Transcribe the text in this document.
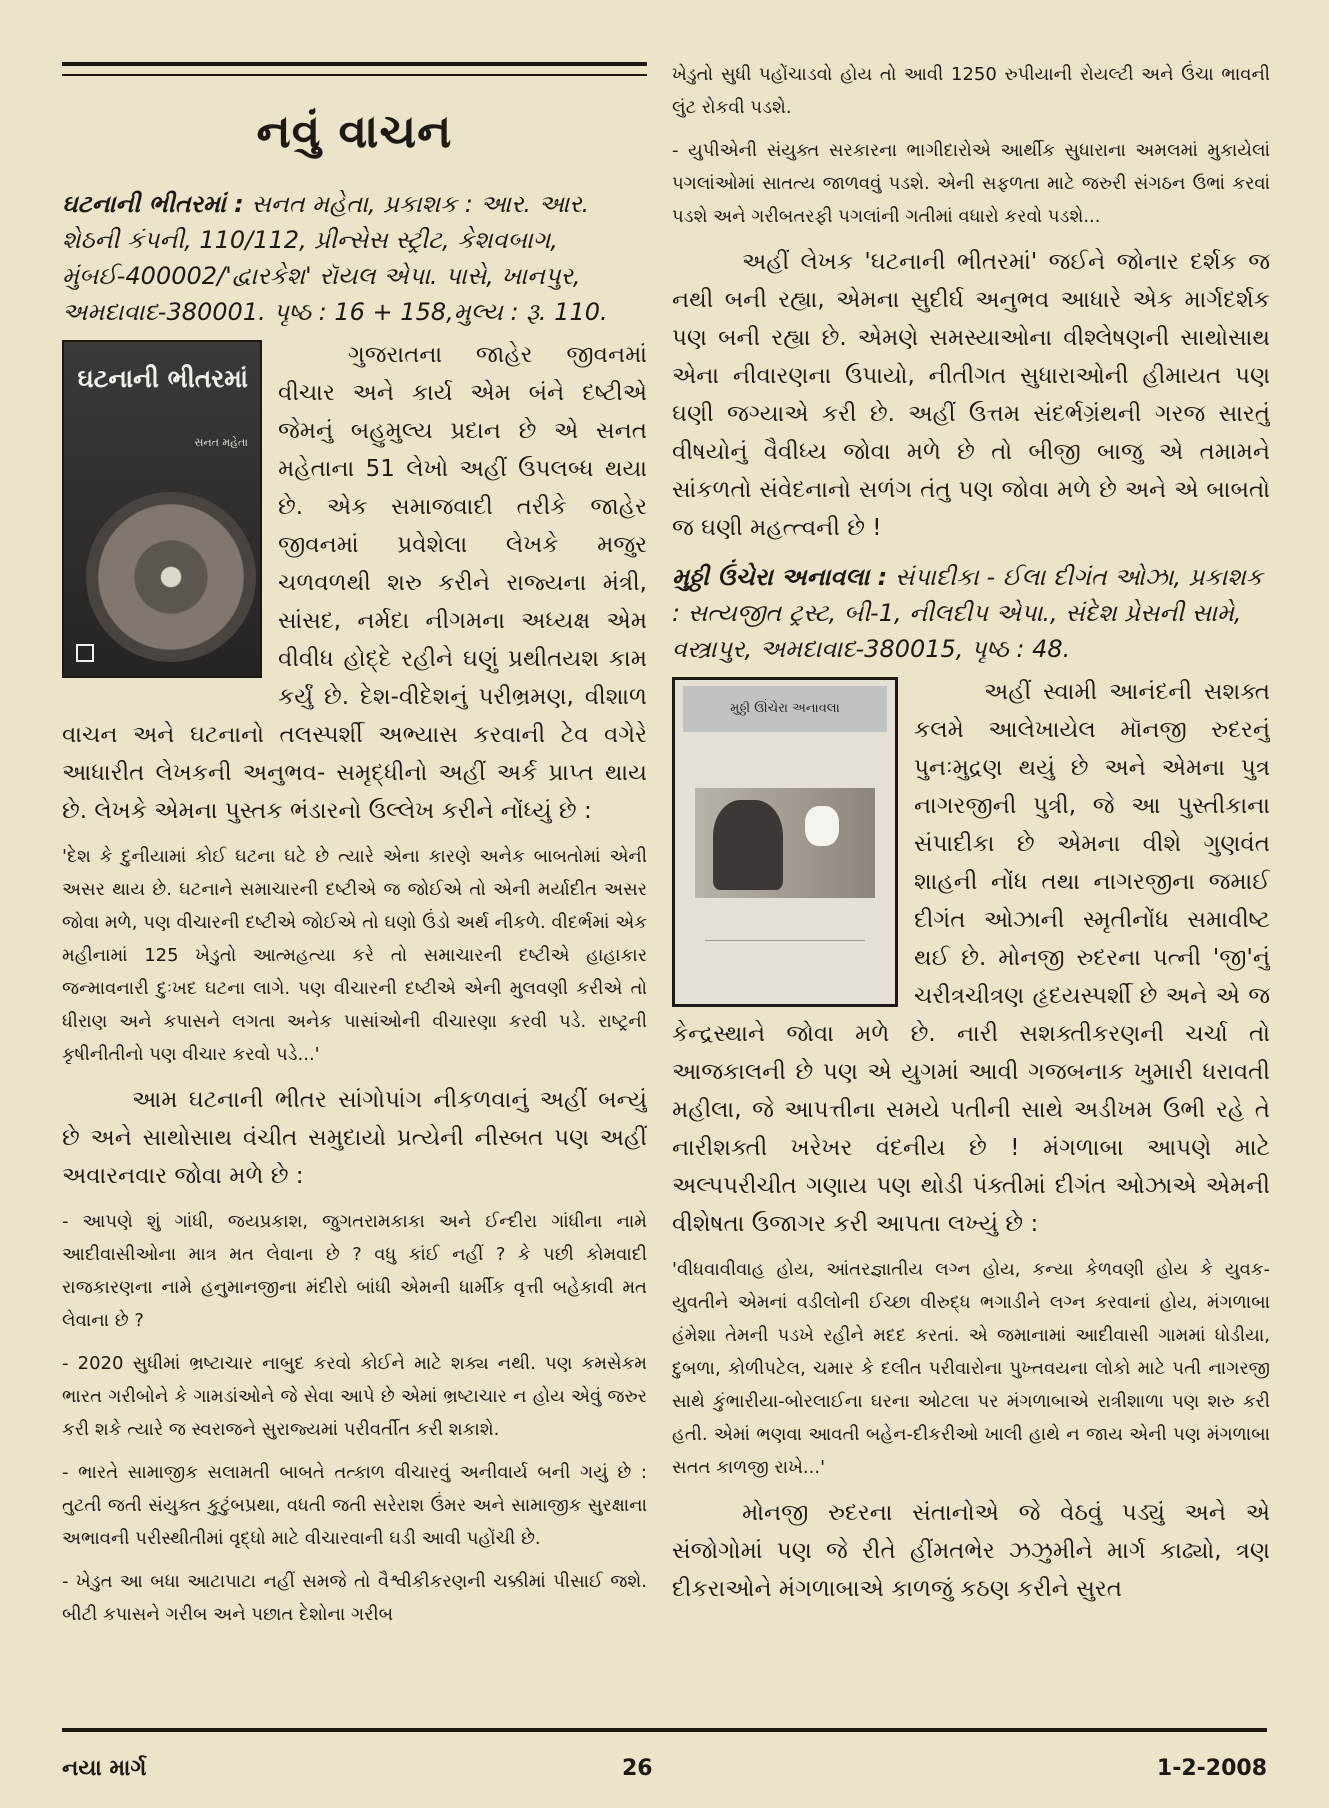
નવું વાચન

ઘટનાની ભીતરમાં : સનત મહેતા, પ્રકાશક : આર. આર. શેઠની કંપની, 110/112, પ્રીન્સેસ સ્ટ્રીટ, કેશવબાગ, મુંબઈ-400002/'દ્વારકેશ' રૉયલ એપા. પાસે, ખાનપુર, અમદાવાદ-380001. પૃષ્ઠ : 16 + 158,મુલ્ય : રૂ. 110.

ઘટનાની ભીતરમાં
સનત મહેતા

ગુજરાતના જાહેર જીવનમાં વીચાર અને કાર્ય એમ બંને દષ્ટીએ જેમનું બહુમુલ્ય પ્રદાન છે એ સનત મહેતાના 51 લેખો અહીં ઉપલબ્ધ થયા છે. એક સમાજવાદી તરીકે જાહેર જીવનમાં પ્રવેશેલા લેખકે મજુર ચળવળથી શરુ કરીને રાજ્યના મંત્રી, સાંસદ, નર્મદા નીગમના અધ્યક્ષ એમ વીવીધ હોદ્દે રહીને ઘણું પ્રથીતયશ કામ કર્યું છે. દેશ-વીદેશનું પરીભ્રમણ, વીશાળ વાચન અને ઘટનાનો તલસ્પર્શી અભ્યાસ કરવાની ટેવ વગેરે આધારીત લેખકની અનુભવ- સમૃદ્ધીનો અહીં અર્ક પ્રાપ્ત થાય છે. લેખકે એમના પુસ્તક ભંડારનો ઉલ્લેખ કરીને નોંધ્યું છે :

'દેશ કે દુનીયામાં કોઈ ઘટના ઘટે છે ત્યારે એના કારણે અનેક બાબતોમાં એની અસર થાય છે. ઘટનાને સમાચારની દષ્ટીએ જ જોઈએ તો એની મર્યાદીત અસર જોવા મળે, પણ વીચારની દષ્ટીએ જોઈએ તો ઘણો ઉંડો અર્થ નીકળે. વીદર્ભમાં એક મહીનામાં 125 ખેડુતો આત્મહત્યા કરે તો સમાચારની દષ્ટીએ હાહાકાર જન્માવનારી દુઃખદ ઘટના લાગે. પણ વીચારની દષ્ટીએ એની મુલવણી કરીએ તો ધીરાણ અને કપાસને લગતા અનેક પાસાંઓની વીચારણા કરવી પડે. રાષ્ટ્રની કૃષીનીતીનો પણ વીચાર કરવો પડે...'

આમ ઘટનાની ભીતર સાંગોપાંગ નીકળવાનું અહીં બન્યું છે અને સાથોસાથ વંચીત સમુદાયો પ્રત્યેની નીસ્બત પણ અહીં અવારનવાર જોવા મળે છે :

- આપણે શું ગાંધી, જયપ્રકાશ, જુગતરામકાકા અને ઈન્દીરા ગાંધીના નામે આદીવાસીઓના માત્ર મત લેવાના છે ? વધુ કાંઈ નહીં ? કે પછી કોમવાદી રાજકારણના નામે હનુમાનજીના મંદીરો બાંધી એમની ધાર્મીક વૃત્તી બહેકાવી મત લેવાના છે ?

- 2020 સુધીમાં ભ્રષ્ટાચાર નાબુદ કરવો કોઈને માટે શક્ય નથી. પણ કમસેકમ ભારત ગરીબોને કે ગામડાંઓને જે સેવા આપે છે એમાં ભ્રષ્ટાચાર ન હોય એવું જરુર કરી શકે ત્યારે જ સ્વરાજને સુરાજ્યમાં પરીવર્તીત કરી શકાશે.

- ભારતે સામાજીક સલામતી બાબતે તત્કાળ વીચારવું અનીવાર્ય બની ગયું છે : તુટતી જતી સંયુક્ત કુટુંબપ્રથા, વધતી જતી સરેરાશ ઉંમર અને સામાજીક સુરક્ષાના અભાવની પરીસ્થીતીમાં વૃદ્ધો માટે વીચારવાની ઘડી આવી પહોંચી છે.

- ખેડુત આ બધા આટાપાટા નહીં સમજે તો વૈશ્વીકીકરણની ચક્કીમાં પીસાઈ જશે. બીટી કપાસને ગરીબ અને પછાત દેશોના ગરીબ

ખેડુતો સુધી પહોંચાડવો હોય તો આવી 1250 રુપીયાની રોયલ્ટી અને ઉંચા ભાવની લુંટ રોકવી પડશે.

- યુપીએની સંયુક્ત સરકારના ભાગીદારોએ આર્થીક સુધારાના અમલમાં મુકાયેલાં પગલાંઓમાં સાતત્ય જાળવવું પડશે. એની સફળતા માટે જરુરી સંગઠન ઉભાં કરવાં પડશે અને ગરીબતરફી પગલાંની ગતીમાં વધારો કરવો પડશે...

અહીં લેખક 'ઘટનાની ભીતરમાં' જઈને જોનાર દર્શક જ નથી બની રહ્યા, એમના સુદીર્ઘ અનુભવ આધારે એક માર્ગદર્શક પણ બની રહ્યા છે. એમણે સમસ્યાઓના વીશ્લેષણની સાથોસાથ એના નીવારણના ઉપાયો, નીતીગત સુધારાઓની હીમાયત પણ ઘણી જગ્યાએ કરી છે. અહીં ઉત્તમ સંદર્ભગ્રંથની ગરજ સારતું વીષયોનું વૈવીધ્ય જોવા મળે છે તો બીજી બાજુ એ તમામને સાંકળતો સંવેદનાનો સળંગ તંતુ પણ જોવા મળે છે અને એ બાબતો જ ઘણી મહત્ત્વની છે !

મુઠ્ઠી ઉંચેરા અનાવલા : સંપાદીકા - ઈલા દીગંત ઓઝા, પ્રકાશક : સત્યજીત ટ્રસ્ટ, બી-1, નીલદીપ એપા., સંદેશ પ્રેસની સામે, વસ્ત્રાપુર, અમદાવાદ-380015, પૃષ્ઠ : 48.

મુઠ્ઠી ઊંચેરા અનાવલા

અહીં સ્વામી આનંદની સશક્ત કલમે આલેખાયેલ મૉનજી રુદરનું પુનઃમુદ્રણ થયું છે અને એમના પુત્ર નાગરજીની પુત્રી, જે આ પુસ્તીકાના સંપાદીકા છે એમના વીશે ગુણવંત શાહની નોંધ તથા નાગરજીના જમાઈ દીગંત ઓઝાની સ્મૃતીનોંધ સમાવીષ્ટ થઈ છે. મોનજી રુદરના પત્ની 'જી'નું ચરીત્રચીત્રણ હૃદયસ્પર્શી છે અને એ જ કેન્દ્રસ્થાને જોવા મળે છે. નારી સશક્તીકરણની ચર્ચા તો આજકાલની છે પણ એ યુગમાં આવી ગજબનાક ખુમારી ધરાવતી મહીલા, જે આપત્તીના સમયે પતીની સાથે અડીખમ ઉભી રહે તે નારીશક્તી ખરેખર વંદનીય છે ! મંગળાબા આપણે માટે અલ્પપરીચીત ગણાય પણ થોડી પંક્તીમાં દીગંત ઓઝાએ એમની વીશેષતા ઉજાગર કરી આપતા લખ્યું છે :

'વીધવાવીવાહ હોય, આંતરજ્ઞાતીય લગ્ન હોય, કન્યા કેળવણી હોય કે યુવક-યુવતીને એમનાં વડીલોની ઈચ્છા વીરુદ્ધ ભગાડીને લગ્ન કરવાનાં હોય, મંગળાબા હંમેશા તેમની પડખે રહીને મદદ કરતાં. એ જમાનામાં આદીવાસી ગામમાં ધોડીયા, દુબળા, કોળીપટેલ, ચમાર કે દલીત પરીવારોના પુખ્તવયના લોકો માટે પતી નાગરજી સાથે કુંભારીયા-બોરલાઈના ઘરના ઓટલા પર મંગળાબાએ રાત્રીશાળા પણ શરુ કરી હતી. એમાં ભણવા આવતી બહેન-દીકરીઓ ખાલી હાથે ન જાય એની પણ મંગળાબા સતત કાળજી રાખે...'

મોનજી રુદરના સંતાનોએ જે વેઠવું પડ્યું અને એ સંજોગોમાં પણ જે રીતે હીંમતભેર ઝઝુમીને માર્ગ કાઢ્યો, ત્રણ દીકરાઓને મંગળાબાએ કાળજું કઠણ કરીને સુરત

નયા માર્ગ	26	1-2-2008
